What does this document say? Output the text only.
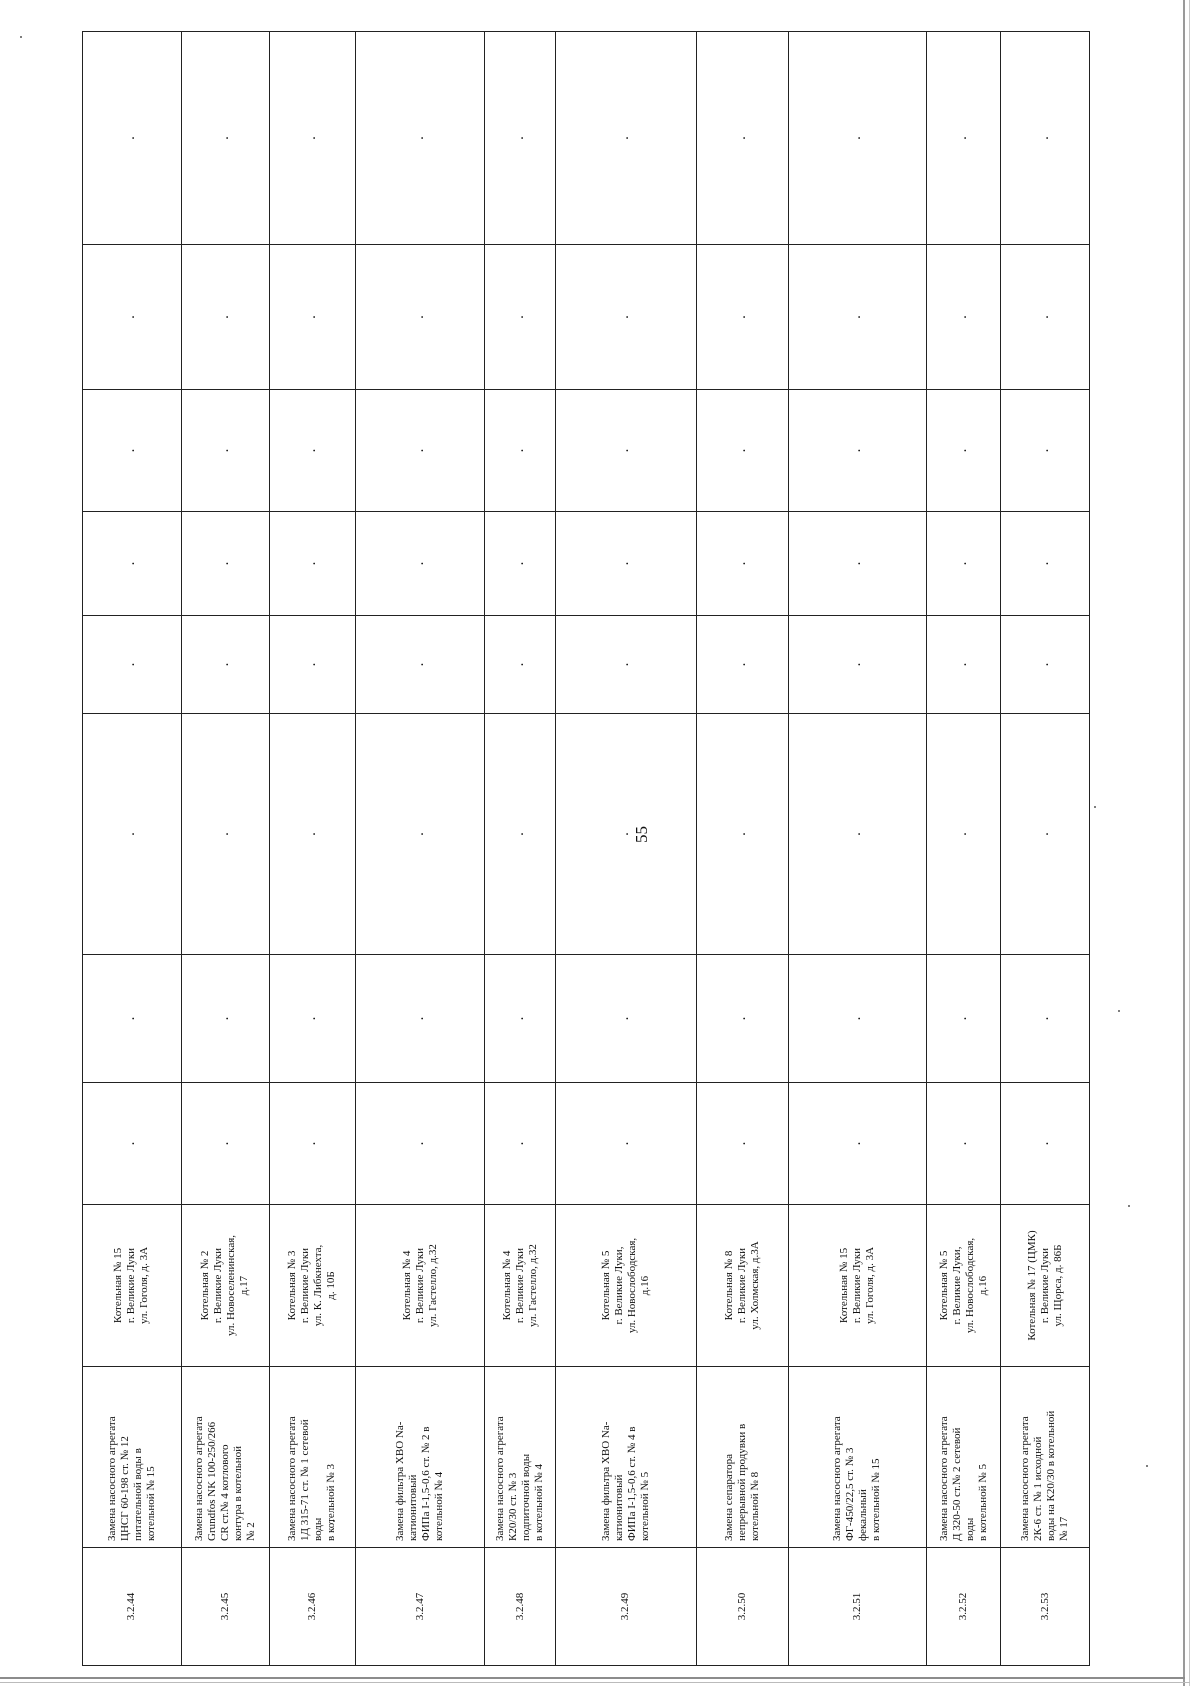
55
3.2.44	Замена насосного агрегата
ЦНСГ 60-198 ст. № 12
питательной воды в
котельной № 15	Котельная № 15
г. Великие Луки
ул. Гоголя, д. 3А	.	.	.	.	.	.	.	.	
3.2.45	Замена насосного агрегата
Grundfos NK 100-250/266
CR ст.№ 4 котлового
контура в котельной
№ 2	Котельная № 2
г. Великие Луки
ул. Новоселенинская,
д.17	.	.	.	.	.	.	.	.	
3.2.46	Замена насосного агрегата
1Д 315-71 ст. № 1 сетевой
воды
в котельной № 3	Котельная № 3
г. Великие Луки
ул. К. Либкнехта,
д. 10Б	.	.	.	.	.	.	.	.	
3.2.47	Замена фильтра ХВО Na-
катионитовый
ФИПа I-1,5-0,6 ст. № 2 в
котельной № 4	Котельная № 4
г. Великие Луки
ул. Гастелло, д.32	.	.	.	.	.	.	.	.	
3.2.48	Замена насосного агрегата
К20/30 ст. № 3
подпиточной воды
в котельной № 4	Котельная № 4
г. Великие Луки
ул. Гастелло, д.32	.	.	.	.	.	.	.	.	
3.2.49	Замена фильтра ХВО Na-
катионитовый
ФИПа I-1,5-0,6 ст. № 4 в
котельной № 5	Котельная № 5
г. Великие Луки,
ул. Новослободская,
д.16	.	.	.	.	.	.	.	.	
3.2.50	Замена сепаратора
непрерывной продувки в
котельной № 8	Котельная № 8
г. Великие Луки
ул. Холмская, д.3А	.	.	.	.	.	.	.	.	
3.2.51	Замена насосного агрегата
ФГ-450/22,5 ст. № 3
фекальный
в котельной № 15	Котельная № 15
г. Великие Луки
ул. Гоголя, д. 3А	.	.	.	.	.	.	.	.	
3.2.52	Замена насосного агрегата
Д 320-50 ст.№ 2 сетевой
воды
в котельной № 5	Котельная № 5
г. Великие Луки,
ул. Новослободская,
д.16	.	.	.	.	.	.	.	.	
3.2.53	Замена насосного агрегата
2К-6 ст. № 1 исходной
воды на К20/30 в котельной
№ 17	Котельная № 17 (ЦМК)
г. Великие Луки
ул. Щорса, д. 86Б	.	.	.	.	.	.	.	.	
